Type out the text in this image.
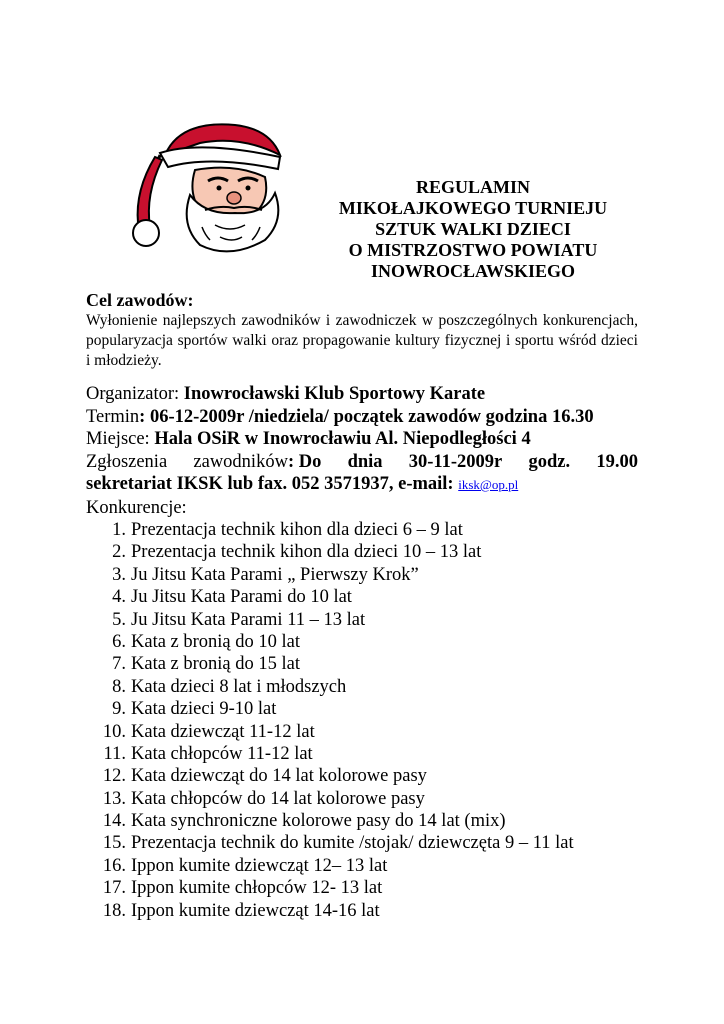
REGULAMIN
MIKOŁAJKOWEGO TURNIEJU
SZTUK WALKI DZIECI
O MISTRZOSTWO POWIATU
INOWROCŁAWSKIEGO
Cel zawodów:
Wyłonienie najlepszych zawodników i zawodniczek w poszczególnych konkurencjach, popularyzacja sportów walki oraz propagowanie kultury fizycznej i sportu wśród dzieci i młodzieży.
Organizator: Inowrocławski Klub Sportowy Karate
Termin: 06-12-2009r /niedziela/ początek zawodów godzina 16.30
Miejsce: Hala OSiR w Inowrocławiu Al. Niepodległości 4
Zgłoszenia zawodników: Do dnia 30-11-2009r godz. 19.00
sekretariat IKSK lub fax. 052 3571937, e-mail: iksk@op.pl
Konkurencje:
1. Prezentacja technik kihon dla dzieci 6 – 9 lat
2. Prezentacja technik kihon dla dzieci 10 – 13 lat
3. Ju Jitsu Kata Parami „ Pierwszy Krok”
4. Ju Jitsu Kata Parami do 10 lat
5. Ju Jitsu Kata Parami 11 – 13 lat
6. Kata z bronią do 10 lat
7. Kata z bronią do 15 lat
8. Kata dzieci 8 lat i młodszych
9. Kata dzieci 9-10 lat
10. Kata dziewcząt 11-12 lat
11. Kata chłopców 11-12 lat
12. Kata dziewcząt do 14 lat kolorowe pasy
13. Kata chłopców do 14 lat kolorowe pasy
14. Kata synchroniczne kolorowe pasy do 14 lat (mix)
15. Prezentacja technik do kumite /stojak/ dziewczęta 9 – 11 lat
16. Ippon kumite dziewcząt 12– 13 lat
17. Ippon kumite chłopców 12- 13 lat
18. Ippon kumite dziewcząt 14-16 lat
